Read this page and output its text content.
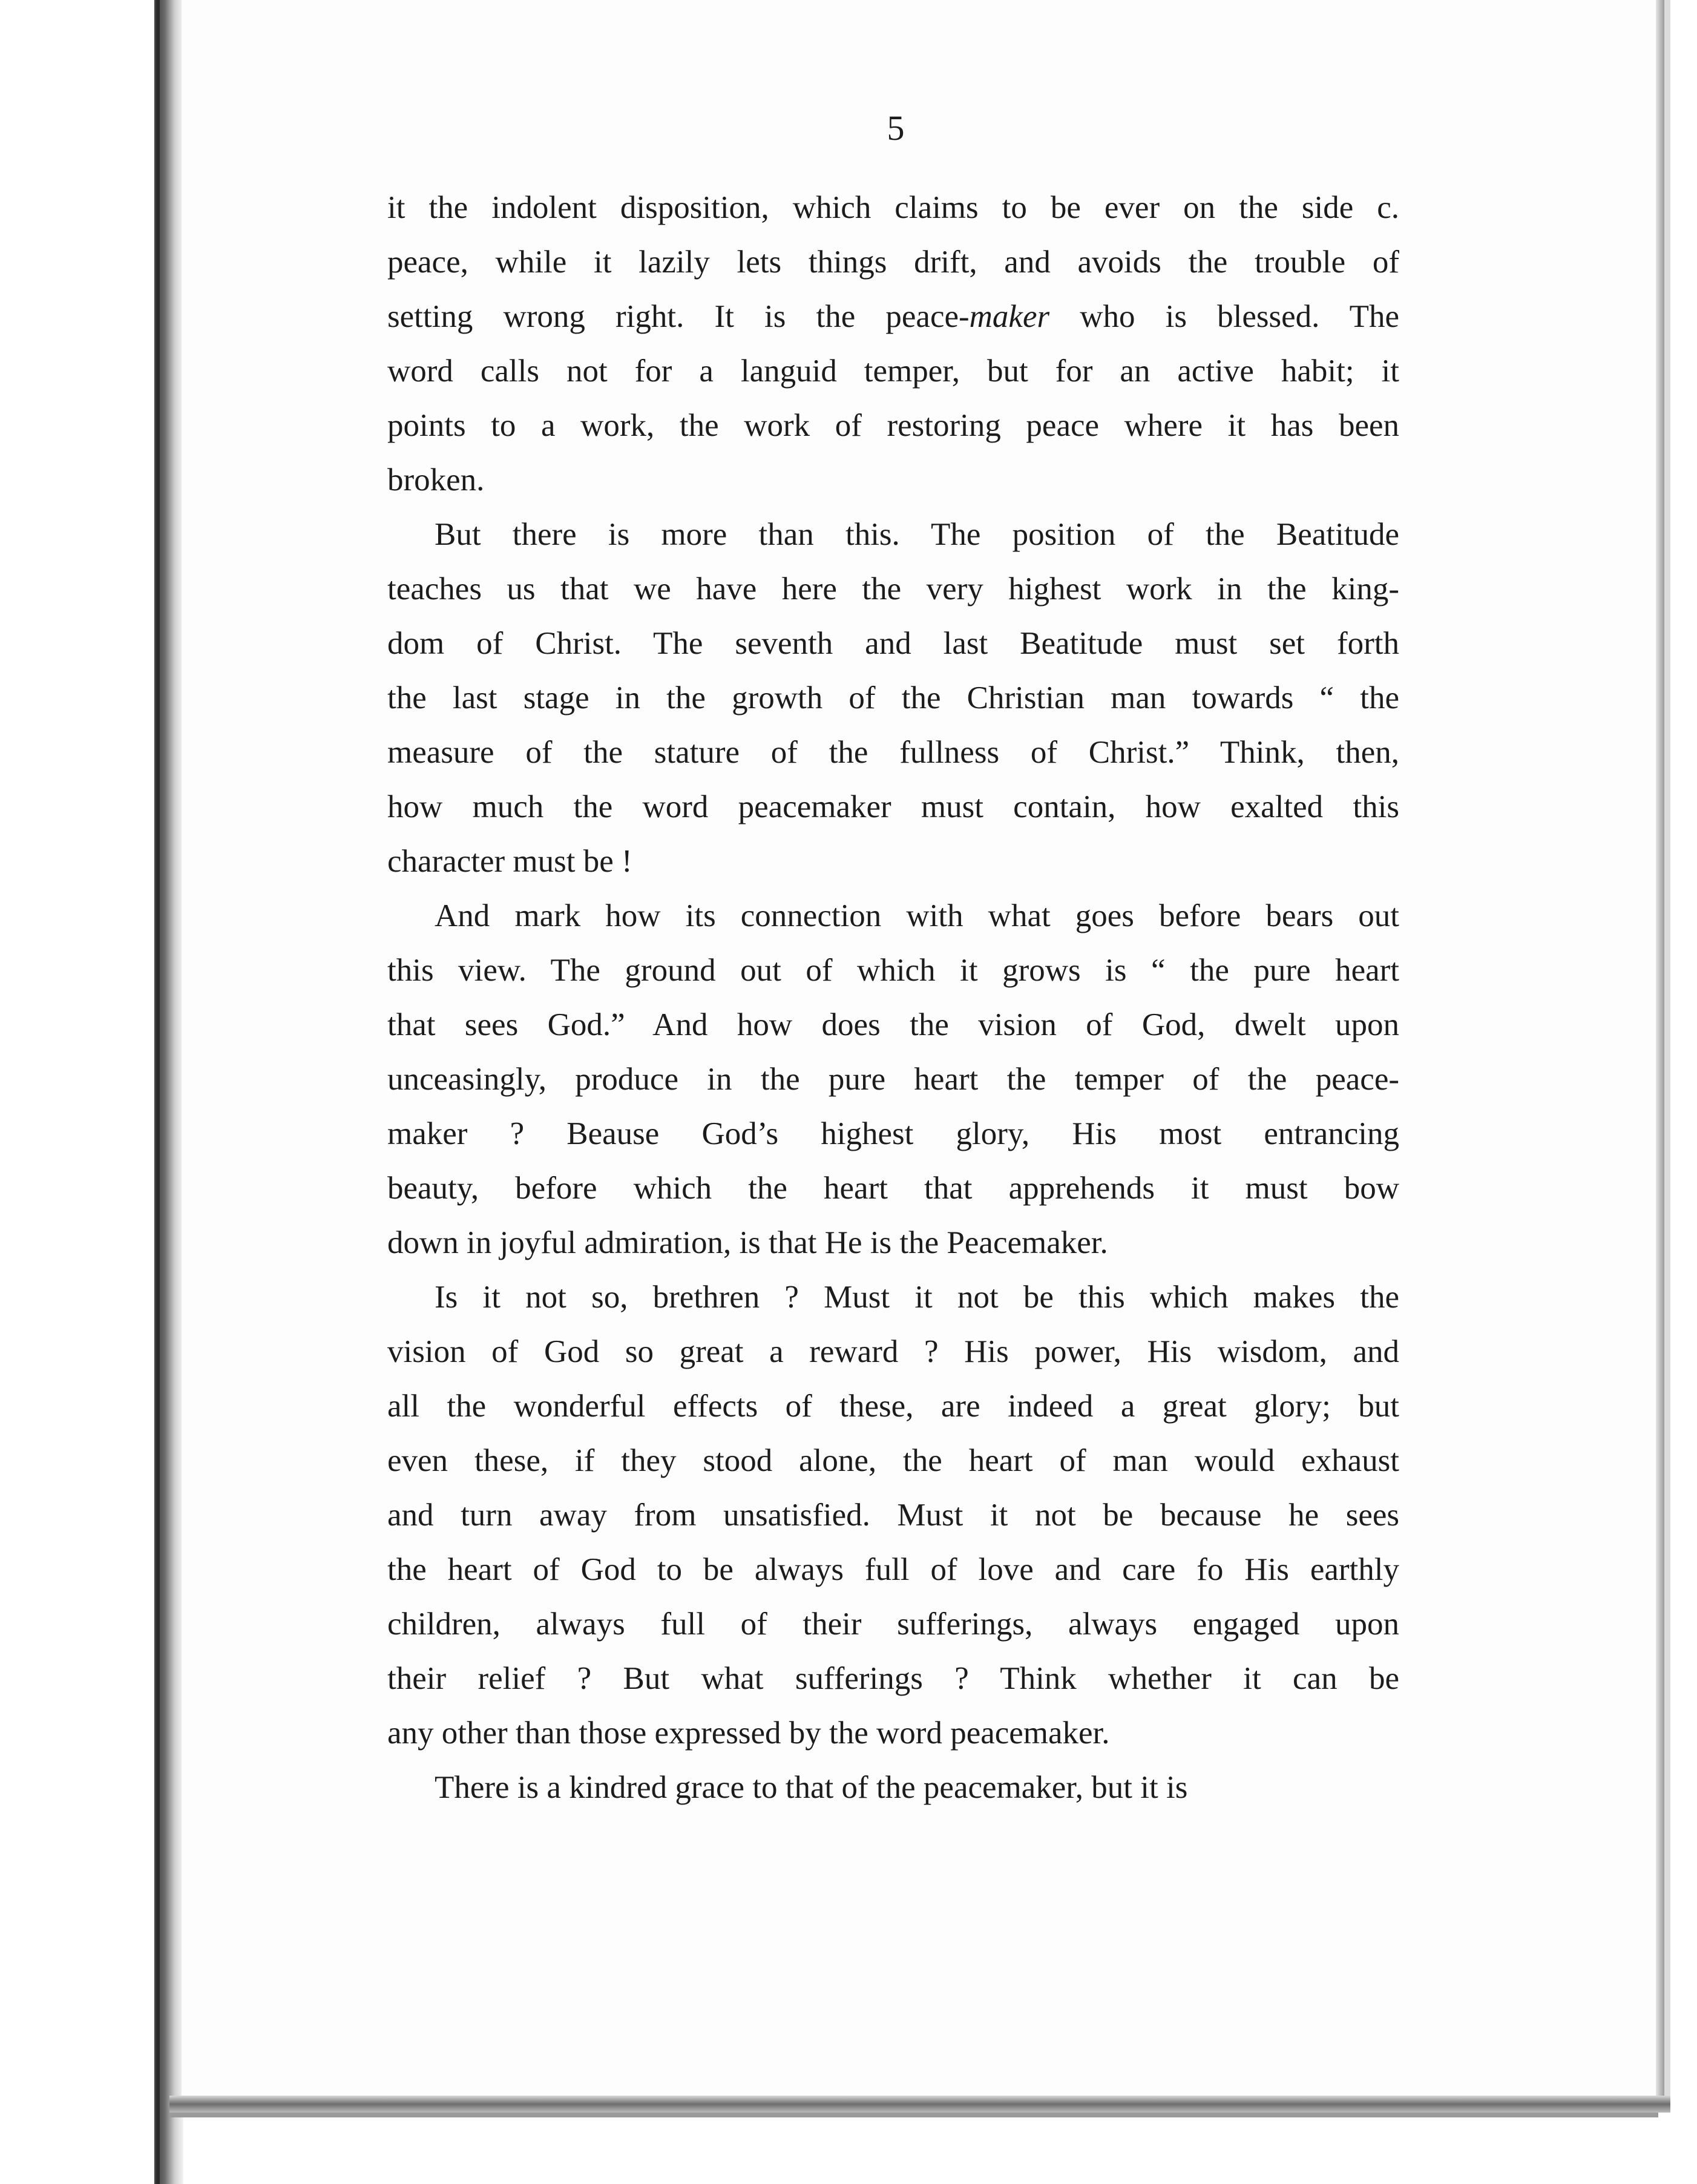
5
it the indolent disposition, which claims to be ever on the side c.
peace, while it lazily lets things drift, and avoids the trouble of
setting wrong right. It is the peace-maker who is blessed. The
word calls not for a languid temper, but for an active habit; it
points to a work, the work of restoring peace where it has been
broken.
But there is more than this. The position of the Beatitude
teaches us that we have here the very highest work in the king-
dom of Christ. The seventh and last Beatitude must set forth
the last stage in the growth of the Christian man towards “ the
measure of the stature of the fullness of Christ.” Think, then,
how much the word peacemaker must contain, how exalted this
character must be !
And mark how its connection with what goes before bears out
this view. The ground out of which it grows is “ the pure heart
that sees God.” And how does the vision of God, dwelt upon
unceasingly, produce in the pure heart the temper of the peace-
maker ? Beause God’s highest glory, His most entrancing
beauty, before which the heart that apprehends it must bow
down in joyful admiration, is that He is the Peacemaker.
Is it not so, brethren ? Must it not be this which makes the
vision of God so great a reward ? His power, His wisdom, and
all the wonderful effects of these, are indeed a great glory; but
even these, if they stood alone, the heart of man would exhaust
and turn away from unsatisfied. Must it not be because he sees
the heart of God to be always full of love and care fo His earthly
children, always full of their sufferings, always engaged upon
their relief ? But what sufferings ? Think whether it can be
any other than those expressed by the word peacemaker.
There is a kindred grace to that of the peacemaker, but it is
